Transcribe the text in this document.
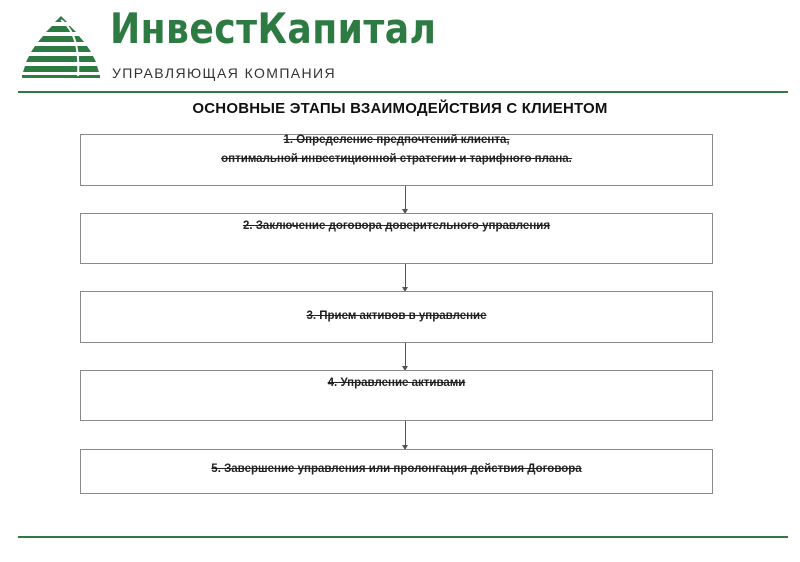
ИнвестКапитал
УПРАВЛЯЮЩАЯ КОМПАНИЯ
ОСНОВНЫЕ ЭТАПЫ ВЗАИМОДЕЙСТВИЯ С КЛИЕНТОМ
1. Определение предпочтений клиента,
оптимальной инвестиционной стратегии и тарифного плана.
2. Заключение договора доверительного управления
3. Прием активов в управление
4. Управление активами
5. Завершение управления или пролонгация действия Договора
